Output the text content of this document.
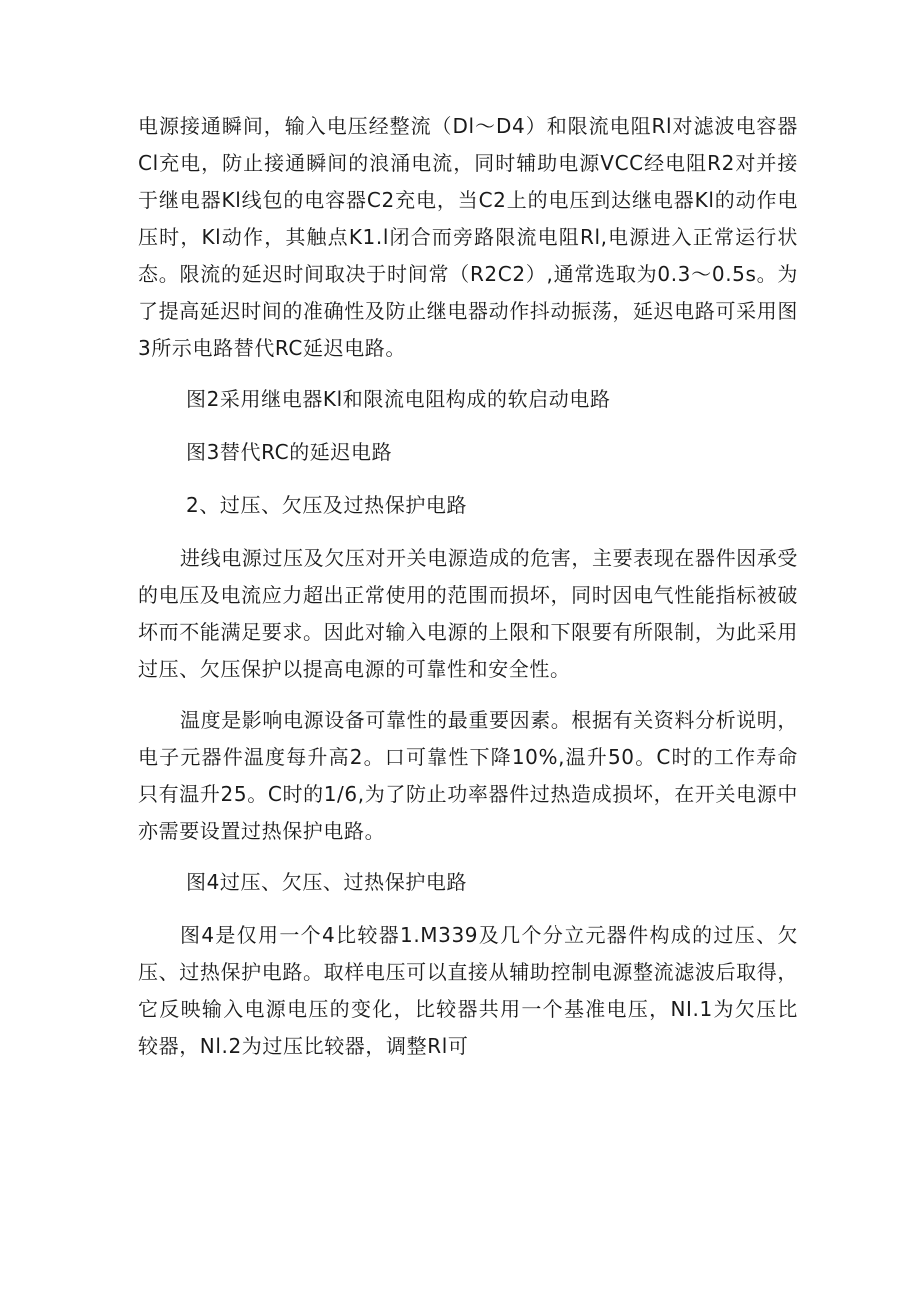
电源接通瞬间，输入电压经整流（Dl～D4）和限流电阻Rl对滤波电容器Cl充电，防止接通瞬间的浪涌电流，同时辅助电源VCC经电阻R2对并接于继电器Kl线包的电容器C2充电，当C2上的电压到达继电器Kl的动作电压时，Kl动作，其触点K1.l闭合而旁路限流电阻Rl,电源进入正常运行状态。限流的延迟时间取决于时间常（R2C2）,通常选取为0.3～0.5s。为了提高延迟时间的准确性及防止继电器动作抖动振荡，延迟电路可采用图3所示电路替代RC延迟电路。

图2采用继电器Kl和限流电阻构成的软启动电路

图3替代RC的延迟电路

2、过压、欠压及过热保护电路

进线电源过压及欠压对开关电源造成的危害，主要表现在器件因承受的电压及电流应力超出正常使用的范围而损坏，同时因电气性能指标被破坏而不能满足要求。因此对输入电源的上限和下限要有所限制，为此采用过压、欠压保护以提高电源的可靠性和安全性。

温度是影响电源设备可靠性的最重要因素。根据有关资料分析说明，电子元器件温度每升高2。口可靠性下降10%,温升50。C时的工作寿命只有温升25。C时的1/6,为了防止功率器件过热造成损坏，在开关电源中亦需要设置过热保护电路。

图4过压、欠压、过热保护电路

图4是仅用一个4比较器1.M339及几个分立元器件构成的过压、欠压、过热保护电路。取样电压可以直接从辅助控制电源整流滤波后取得，它反映输入电源电压的变化，比较器共用一个基准电压，NI.1为欠压比较器，Nl.2为过压比较器，调整Rl可
